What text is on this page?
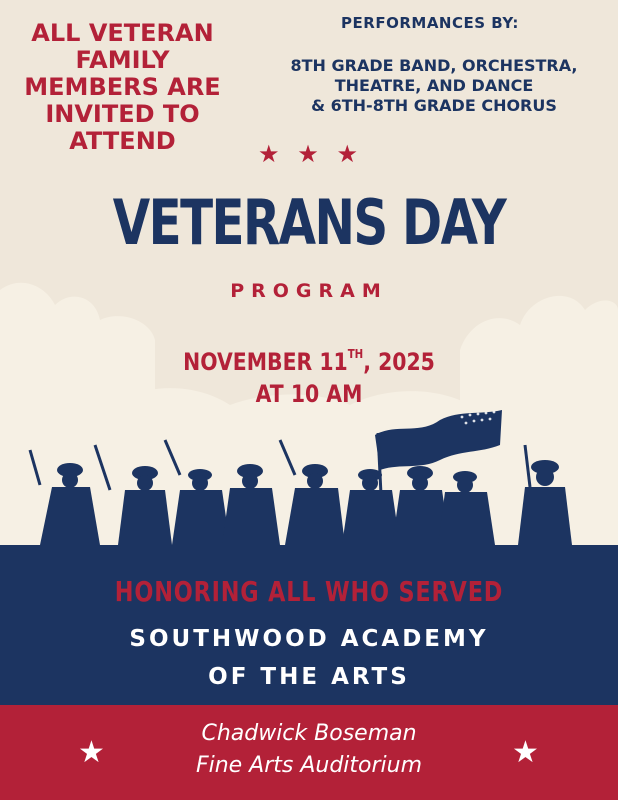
ALL VETERAN
FAMILY
MEMBERS ARE
INVITED TO
ATTEND
PERFORMANCES BY:
8TH GRADE BAND, ORCHESTRA,
THEATRE, AND DANCE
& 6TH-8TH GRADE CHORUS
★ ★ ★
VETERANS DAY
PROGRAM
NOVEMBER 11TH, 2025
AT 10 AM
HONORING ALL WHO SERVED
SOUTHWOOD ACADEMY
OF THE ARTS
Chadwick Boseman
Fine Arts Auditorium
★	★
